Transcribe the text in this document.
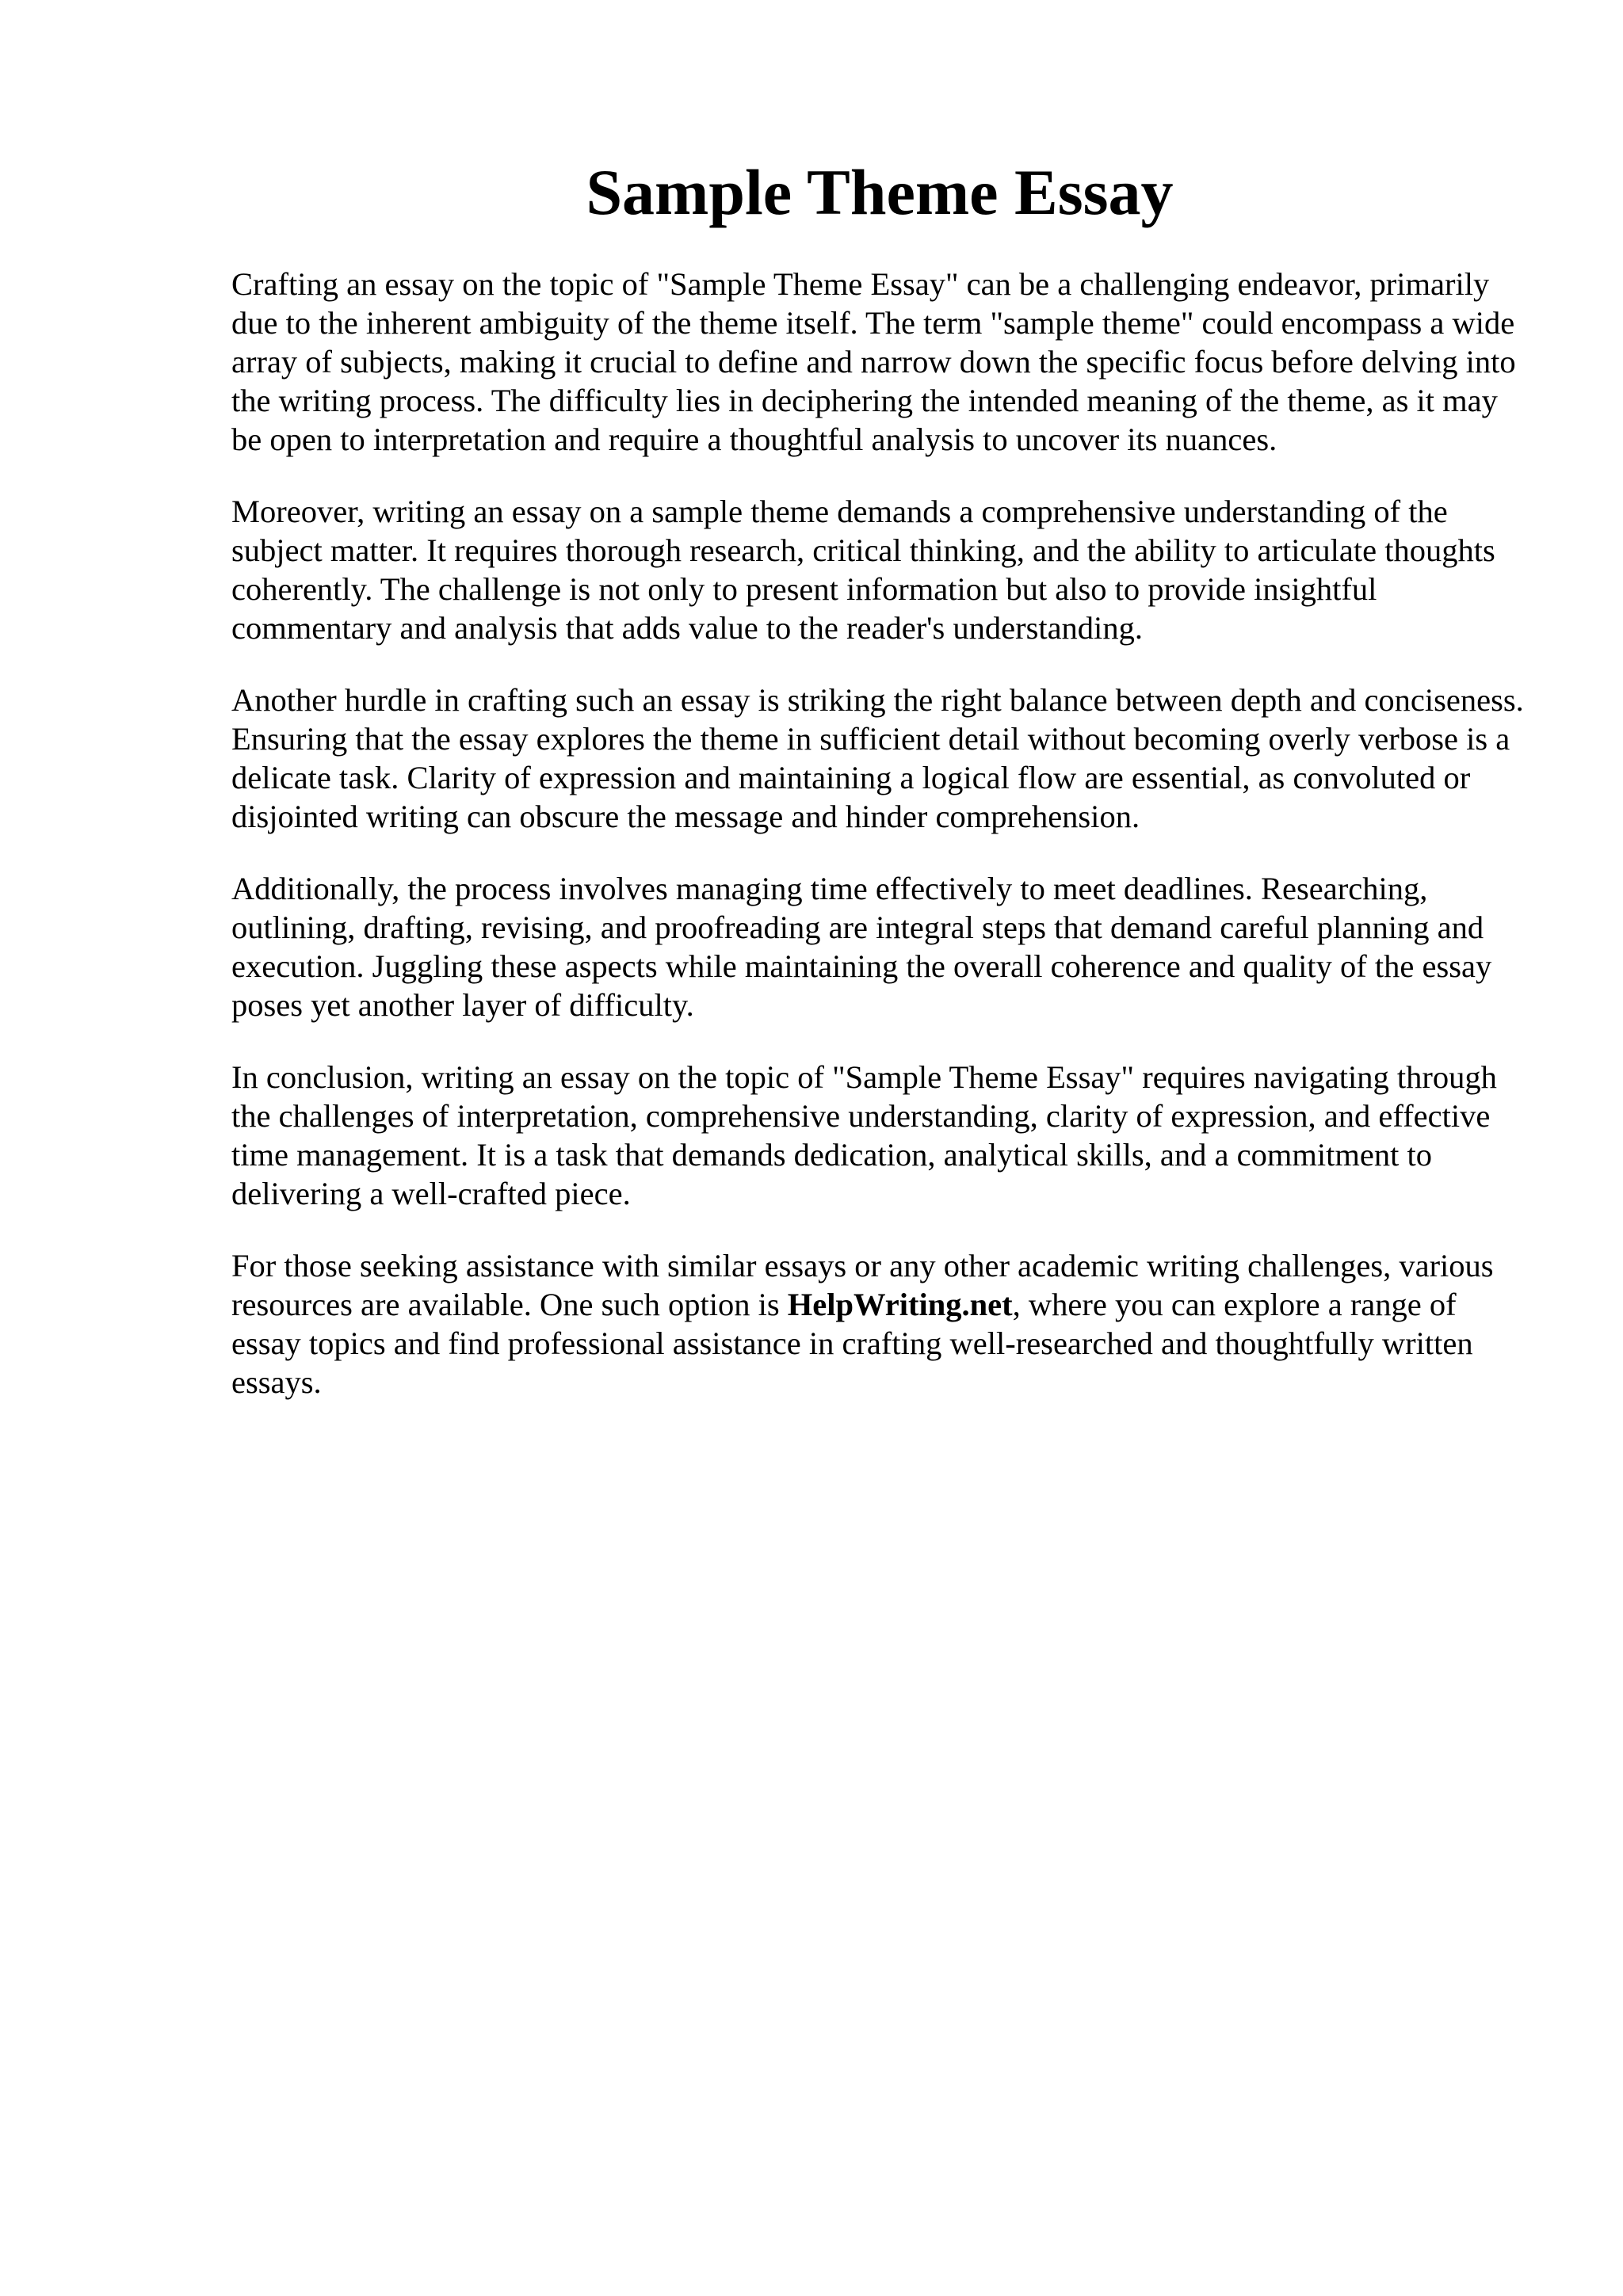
Sample Theme Essay

Crafting an essay on the topic of "Sample Theme Essay" can be a challenging endeavor, primarily due to the inherent ambiguity of the theme itself. The term "sample theme" could encompass a wide array of subjects, making it crucial to define and narrow down the specific focus before delving into the writing process. The difficulty lies in deciphering the intended meaning of the theme, as it may be open to interpretation and require a thoughtful analysis to uncover its nuances.

Moreover, writing an essay on a sample theme demands a comprehensive understanding of the subject matter. It requires thorough research, critical thinking, and the ability to articulate thoughts coherently. The challenge is not only to present information but also to provide insightful commentary and analysis that adds value to the reader's understanding.

Another hurdle in crafting such an essay is striking the right balance between depth and conciseness. Ensuring that the essay explores the theme in sufficient detail without becoming overly verbose is a delicate task. Clarity of expression and maintaining a logical flow are essential, as convoluted or disjointed writing can obscure the message and hinder comprehension.

Additionally, the process involves managing time effectively to meet deadlines. Researching, outlining, drafting, revising, and proofreading are integral steps that demand careful planning and execution. Juggling these aspects while maintaining the overall coherence and quality of the essay poses yet another layer of difficulty.

In conclusion, writing an essay on the topic of "Sample Theme Essay" requires navigating through the challenges of interpretation, comprehensive understanding, clarity of expression, and effective time management. It is a task that demands dedication, analytical skills, and a commitment to delivering a well-crafted piece.

For those seeking assistance with similar essays or any other academic writing challenges, various resources are available. One such option is HelpWriting.net, where you can explore a range of essay topics and find professional assistance in crafting well-researched and thoughtfully written essays.
